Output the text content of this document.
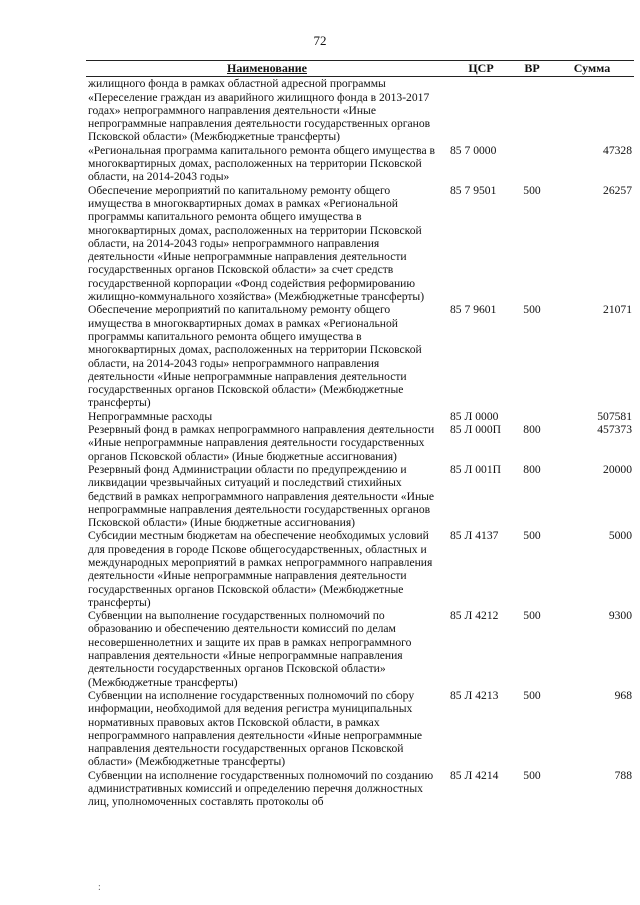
72
Наименование	ЦСР	ВР	Сумма
жилищного фонда в рамках областной адресной программы «Переселение граждан из аварийного жилищного фонда в 2013-2017 годах» непрограммного направления деятельности «Иные непрограммные направления деятельности государственных органов Псковской области» (Межбюджетные трансферты)			
«Региональная программа капитального ремонта общего имущества в многоквартирных домах, расположенных на территории Псковской области, на 2014-2043 годы»	85 7 0000		47328
Обеспечение мероприятий по капитальному ремонту общего имущества в многоквартирных домах в рамках «Региональной программы капитального ремонта общего имущества в многоквартирных домах, расположенных на территории Псковской области, на 2014-2043 годы» непрограммного направления деятельности «Иные непрограммные направления деятельности государственных органов Псковской области» за счет средств государственной корпорации «Фонд содействия реформированию жилищно-коммунального хозяйства» (Межбюджетные трансферты)	85 7 9501	500	26257
Обеспечение мероприятий по капитальному ремонту общего имущества в многоквартирных домах в рамках «Региональной программы капитального ремонта общего имущества в многоквартирных домах, расположенных на территории Псковской области, на 2014-2043 годы» непрограммного направления деятельности «Иные непрограммные направления деятельности государственных органов Псковской области» (Межбюджетные трансферты)	85 7 9601	500	21071
Непрограммные расходы	85 Л 0000		507581
Резервный фонд в рамках непрограммного направления деятельности «Иные непрограммные направления деятельности государственных органов Псковской области» (Иные бюджетные ассигнования)	85 Л 000П	800	457373
Резервный фонд Администрации области по предупреждению и ликвидации чрезвычайных ситуаций и последствий стихийных бедствий в рамках непрограммного направления деятельности «Иные непрограммные направления деятельности государственных органов Псковской области» (Иные бюджетные ассигнования)	85 Л 001П	800	20000
Субсидии местным бюджетам на обеспечение необходимых условий для проведения в городе Пскове общегосударственных, областных и международных мероприятий в рамках непрограммного направления деятельности «Иные непрограммные направления деятельности государственных органов Псковской области» (Межбюджетные трансферты)	85 Л 4137	500	5000
Субвенции на выполнение государственных полномочий по образованию и обеспечению деятельности комиссий по делам несовершеннолетних и защите их прав в рамках непрограммного направления деятельности «Иные непрограммные направления деятельности государственных органов Псковской области» (Межбюджетные трансферты)	85 Л 4212	500	9300
Субвенции на исполнение государственных полномочий по сбору информации, необходимой для ведения регистра муниципальных нормативных правовых актов Псковской области, в рамках непрограммного направления деятельности «Иные непрограммные направления деятельности государственных органов Псковской области» (Межбюджетные трансферты)	85 Л 4213	500	968
Субвенции на исполнение государственных полномочий по созданию административных комиссий и определению перечня должностных лиц, уполномоченных составлять протоколы об	85 Л 4214	500	788
:
